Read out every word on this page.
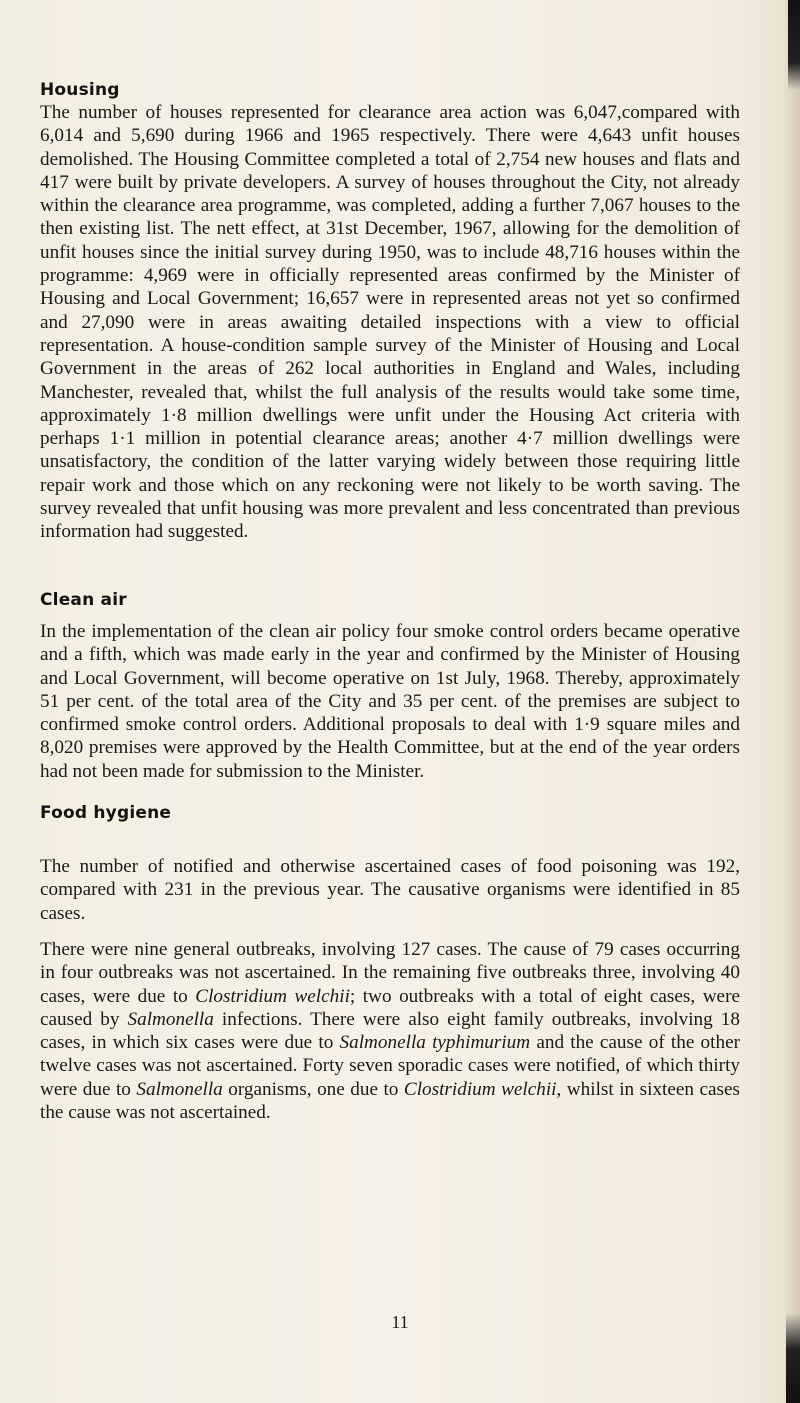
Housing

The number of houses represented for clearance area action was 6,047,compared with 6,014 and 5,690 during 1966 and 1965 respectively. There were 4,643 unfit houses demolished. The Housing Committee completed a total of 2,754 new houses and flats and 417 were built by private developers. A survey of houses throughout the City, not already within the clearance area programme, was completed, adding a further 7,067 houses to the then existing list. The nett effect, at 31st December, 1967, allowing for the demolition of unfit houses since the initial survey during 1950, was to include 48,716 houses within the programme: 4,969 were in officially represented areas confirmed by the Minister of Housing and Local Government; 16,657 were in represented areas not yet so confirmed and 27,090 were in areas awaiting detailed inspections with a view to official representation. A house-condition sample survey of the Minister of Housing and Local Government in the areas of 262 local authorities in England and Wales, including Manchester, revealed that, whilst the full analysis of the results would take some time, approximately 1·8 million dwellings were unfit under the Housing Act criteria with perhaps 1·1 million in potential clearance areas; another 4·7 million dwellings were unsatisfactory, the condition of the latter varying widely between those requiring little repair work and those which on any reckoning were not likely to be worth saving. The survey revealed that unfit housing was more prevalent and less concentrated than previous information had suggested.

Clean air

In the implementation of the clean air policy four smoke control orders became operative and a fifth, which was made early in the year and confirmed by the Minister of Housing and Local Government, will become operative on 1st July, 1968. Thereby, approximately 51 per cent. of the total area of the City and 35 per cent. of the premises are subject to confirmed smoke control orders. Additional proposals to deal with 1·9 square miles and 8,020 premises were approved by the Health Committee, but at the end of the year orders had not been made for submission to the Minister.

Food hygiene

The number of notified and otherwise ascertained cases of food poisoning was 192, compared with 231 in the previous year. The causative organisms were identified in 85 cases.

There were nine general outbreaks, involving 127 cases. The cause of 79 cases occurring in four outbreaks was not ascertained. In the remaining five outbreaks three, involving 40 cases, were due to Clostridium welchii; two outbreaks with a total of eight cases, were caused by Salmonella infections. There were also eight family outbreaks, involving 18 cases, in which six cases were due to Salmonella typhimurium and the cause of the other twelve cases was not ascertained. Forty seven sporadic cases were notified, of which thirty were due to Salmonella organisms, one due to Clostridium welchii, whilst in sixteen cases the cause was not ascertained.

11
